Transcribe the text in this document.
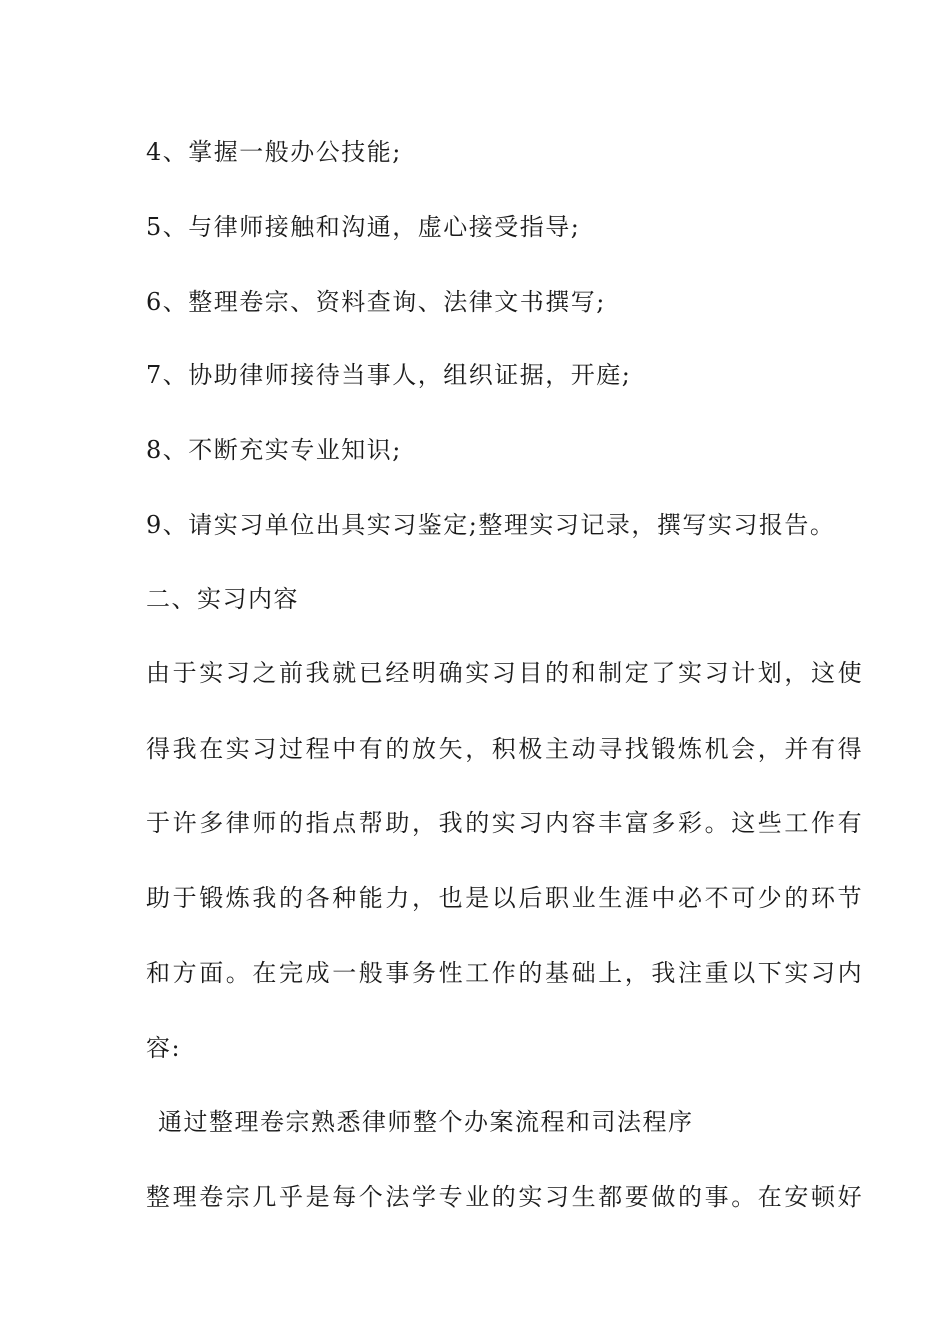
4、掌握一般办公技能;
5、与律师接触和沟通，虚心接受指导;
6、整理卷宗、资料查询、法律文书撰写;
7、协助律师接待当事人，组织证据，开庭;
8、不断充实专业知识;
9、请实习单位出具实习鉴定;整理实习记录，撰写实习报告。
二、实习内容
由于实习之前我就已经明确实习目的和制定了实习计划，这使
得我在实习过程中有的放矢，积极主动寻找锻炼机会，并有得
于许多律师的指点帮助，我的实习内容丰富多彩。这些工作有
助于锻炼我的各种能力，也是以后职业生涯中必不可少的环节
和方面。在完成一般事务性工作的基础上，我注重以下实习内
容:
通过整理卷宗熟悉律师整个办案流程和司法程序
整理卷宗几乎是每个法学专业的实习生都要做的事。在安顿好
